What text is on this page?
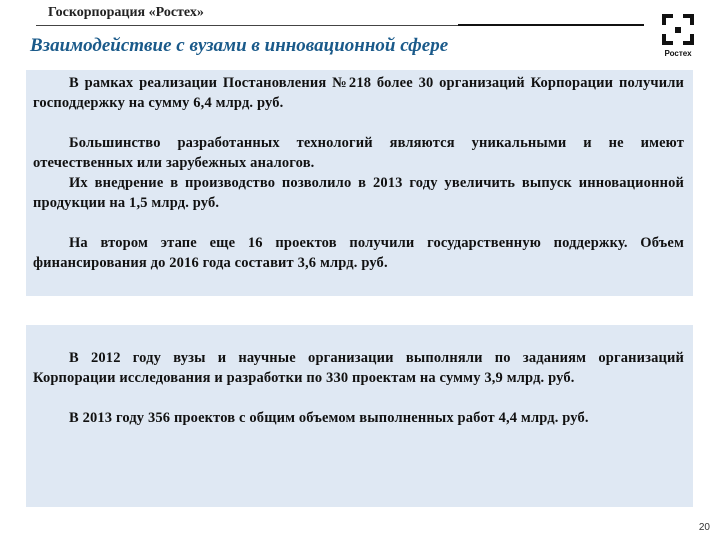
Госкорпорация «Ростех»
Ростех
Взаимодействие с вузами в инновационной сфере

В рамках реализации Постановления №218 более 30 организаций Корпорации получили господдержку на сумму 6,4 млрд. руб.

Большинство разработанных технологий являются уникальными и не имеют отечественных или зарубежных аналогов.

Их внедрение в производство позволило в 2013 году увеличить выпуск инновационной продукции на 1,5 млрд. руб.

На втором этапе еще 16 проектов получили государственную поддержку. Объем финансирования до 2016 года составит 3,6 млрд. руб.

В 2012 году вузы и научные организации выполняли по заданиям организаций Корпорации исследования и разработки по 330 проектам на сумму 3,9 млрд. руб.

В 2013 году 356 проектов с общим объемом выполненных работ 4,4 млрд. руб.

20
